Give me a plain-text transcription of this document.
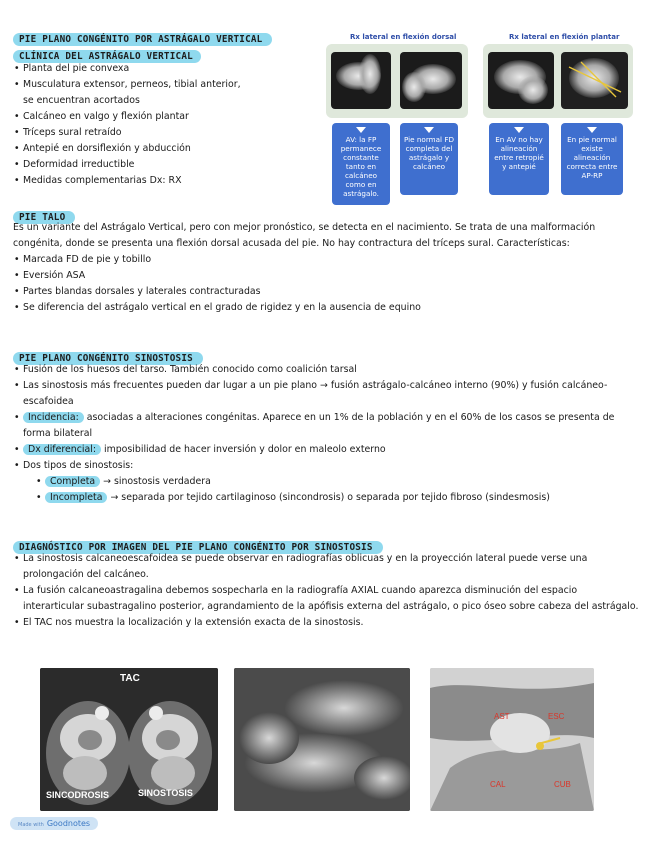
PIE PLANO CONGÉNITO POR ASTRÁGALO VERTICAL
CLÍNICA DEL ASTRÁGALO VERTICAL
• Planta del pie convexa
• Musculatura extensor, perneos, tibial anterior, se encuentran acortados
• Calcáneo en valgo y flexión plantar
• Tríceps sural retraído
• Antepié en dorsiflexión y abducción
• Deformidad irreductible
• Medidas complementarias Dx: RX
Rx lateral en flexión dorsal	Rx lateral en flexión plantar
AV: la FP permanece constante tanto en calcáneo como en astrágalo.
Pie normal FD completa del astrágalo y calcáneo
En AV no hay alineación entre retropié y antepié
En pie normal existe alineación correcta entre AP-RP
PIE TALO
Es un variante del Astrágalo Vertical, pero con mejor pronóstico, se detecta en el nacimiento. Se trata de una malformación congénita, donde se presenta una flexión dorsal acusada del pie. No hay contractura del tríceps sural. Características:
• Marcada FD de pie y tobillo
• Eversión ASA
• Partes blandas dorsales y laterales contracturadas
• Se diferencia del astrágalo vertical en el grado de rigidez y en la ausencia de equino
PIE PLANO CONGÉNITO SINOSTOSIS
• Fusión de los huesos del tarso. También conocido como coalición tarsal
• Las sinostosis más frecuentes pueden dar lugar a un pie plano → fusión astrágalo-calcáneo interno (90%) y fusión calcáneo-escafoidea
• Incidencia: asociadas a alteraciones congénitas. Aparece en un 1% de la población y en el 60% de los casos se presenta de forma bilateral
• Dx diferencial: imposibilidad de hacer inversión y dolor en maleolo externo
• Dos tipos de sinostosis:
• Completa → sinostosis verdadera
• Incompleta → separada por tejido cartilaginoso (sincondrosis) o separada por tejido fibroso (sindesmosis)
DIAGNÓSTICO POR IMAGEN DEL PIE PLANO CONGÉNITO POR SINOSTOSIS
• La sinostosis calcaneoescafoidea se puede observar en radiografías oblicuas y en la proyección lateral puede verse una prolongación del calcáneo.
• La fusión calcaneoastragalina debemos sospecharla en la radiografía AXIAL cuando aparezca disminución del espacio interarticular subastragalino posterior, agrandamiento de la apófisis externa del astrágalo, o pico óseo sobre cabeza del astrágalo.
• El TAC nos muestra la localización y la extensión exacta de la sinostosis.
TAC
SINCODROSIS	SINOSTOSIS
AST	ESC
CAL	CUB
Made with Goodnotes
